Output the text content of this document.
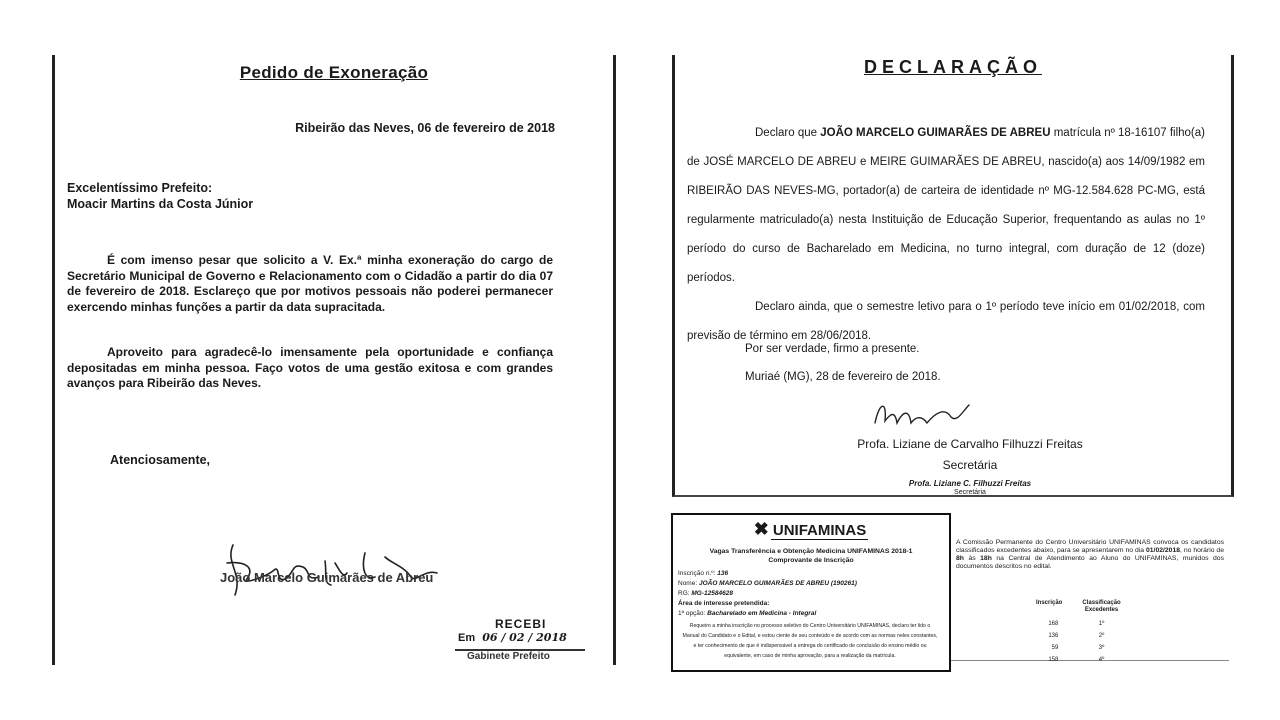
Pedido de Exoneração
Ribeirão das Neves, 06 de fevereiro de 2018
Excelentíssimo Prefeito:
Moacir Martins da Costa Júnior
É com imenso pesar que solicito a V. Ex.ª minha exoneração do cargo de Secretário Municipal de Governo e Relacionamento com o Cidadão a partir do dia 07 de fevereiro de 2018. Esclareço que por motivos pessoais não poderei permanecer exercendo minhas funções a partir da data supracitada.
Aproveito para agradecê-lo imensamente pela oportunidade e confiança depositadas em minha pessoa. Faço votos de uma gestão exitosa e com grandes avanços para Ribeirão das Neves.
Atenciosamente,
João Marcelo Guimarães de Abreu
RECEBI
Em 06 / 02 / 2018
Gabinete Prefeito
DECLARAÇÃO

Declaro que JOÃO MARCELO GUIMARÃES DE ABREU matrícula nº 18-16107 filho(a) de JOSÉ MARCELO DE ABREU e MEIRE GUIMARÃES DE ABREU, nascido(a) aos 14/09/1982 em RIBEIRÃO DAS NEVES-MG, portador(a) de carteira de identidade nº MG-12.584.628 PC-MG, está regularmente matriculado(a) nesta Instituição de Educação Superior, frequentando as aulas no 1º período do curso de Bacharelado em Medicina, no turno integral, com duração de 12 (doze) períodos.

Declaro ainda, que o semestre letivo para o 1º período teve início em 01/02/2018, com previsão de término em 28/06/2018.

Por ser verdade, firmo a presente.
Muriaé (MG), 28 de fevereiro de 2018.
Profa. Liziane de Carvalho Filhuzzi Freitas
Secretária
Profa. Liziane C. Filhuzzi Freitas
Secretária
✖ UNIFAMINAS
Vagas Transferência e Obtenção Medicina UNIFAMINAS 2018-1
Comprovante de Inscrição
Inscrição n.º: 136
Nome: JOÃO MARCELO GUIMARÃES DE ABREU (190261)
RG: MG-12584628
Área de interesse pretendida:
1ª opção: Bacharelado em Medicina - Integral
Requeiro a minha inscrição no processo seletivo do Centro Universitário UNIFAMINAS, declaro ter lido o Manual do Candidato e o Edital, e estou ciente de seu conteúdo e de acordo com as normas neles constantes, e ter conhecimento de que é indispensável a entrega do certificado de conclusão do ensino médio ou equivalente, em caso de minha aprovação, para a realização da matrícula.
A Comissão Permanente do Centro Universitário UNIFAMINAS convoca os candidatos classificados excedentes abaixo, para se apresentarem no dia 01/02/2018, no horário de 8h às 18h na Central de Atendimento ao Aluno do UNIFAMINAS, munidos dos documentos descritos no edital.
Inscrição	Classificação
Excedentes

168	1º
136	2º
59	3º
158	4º
